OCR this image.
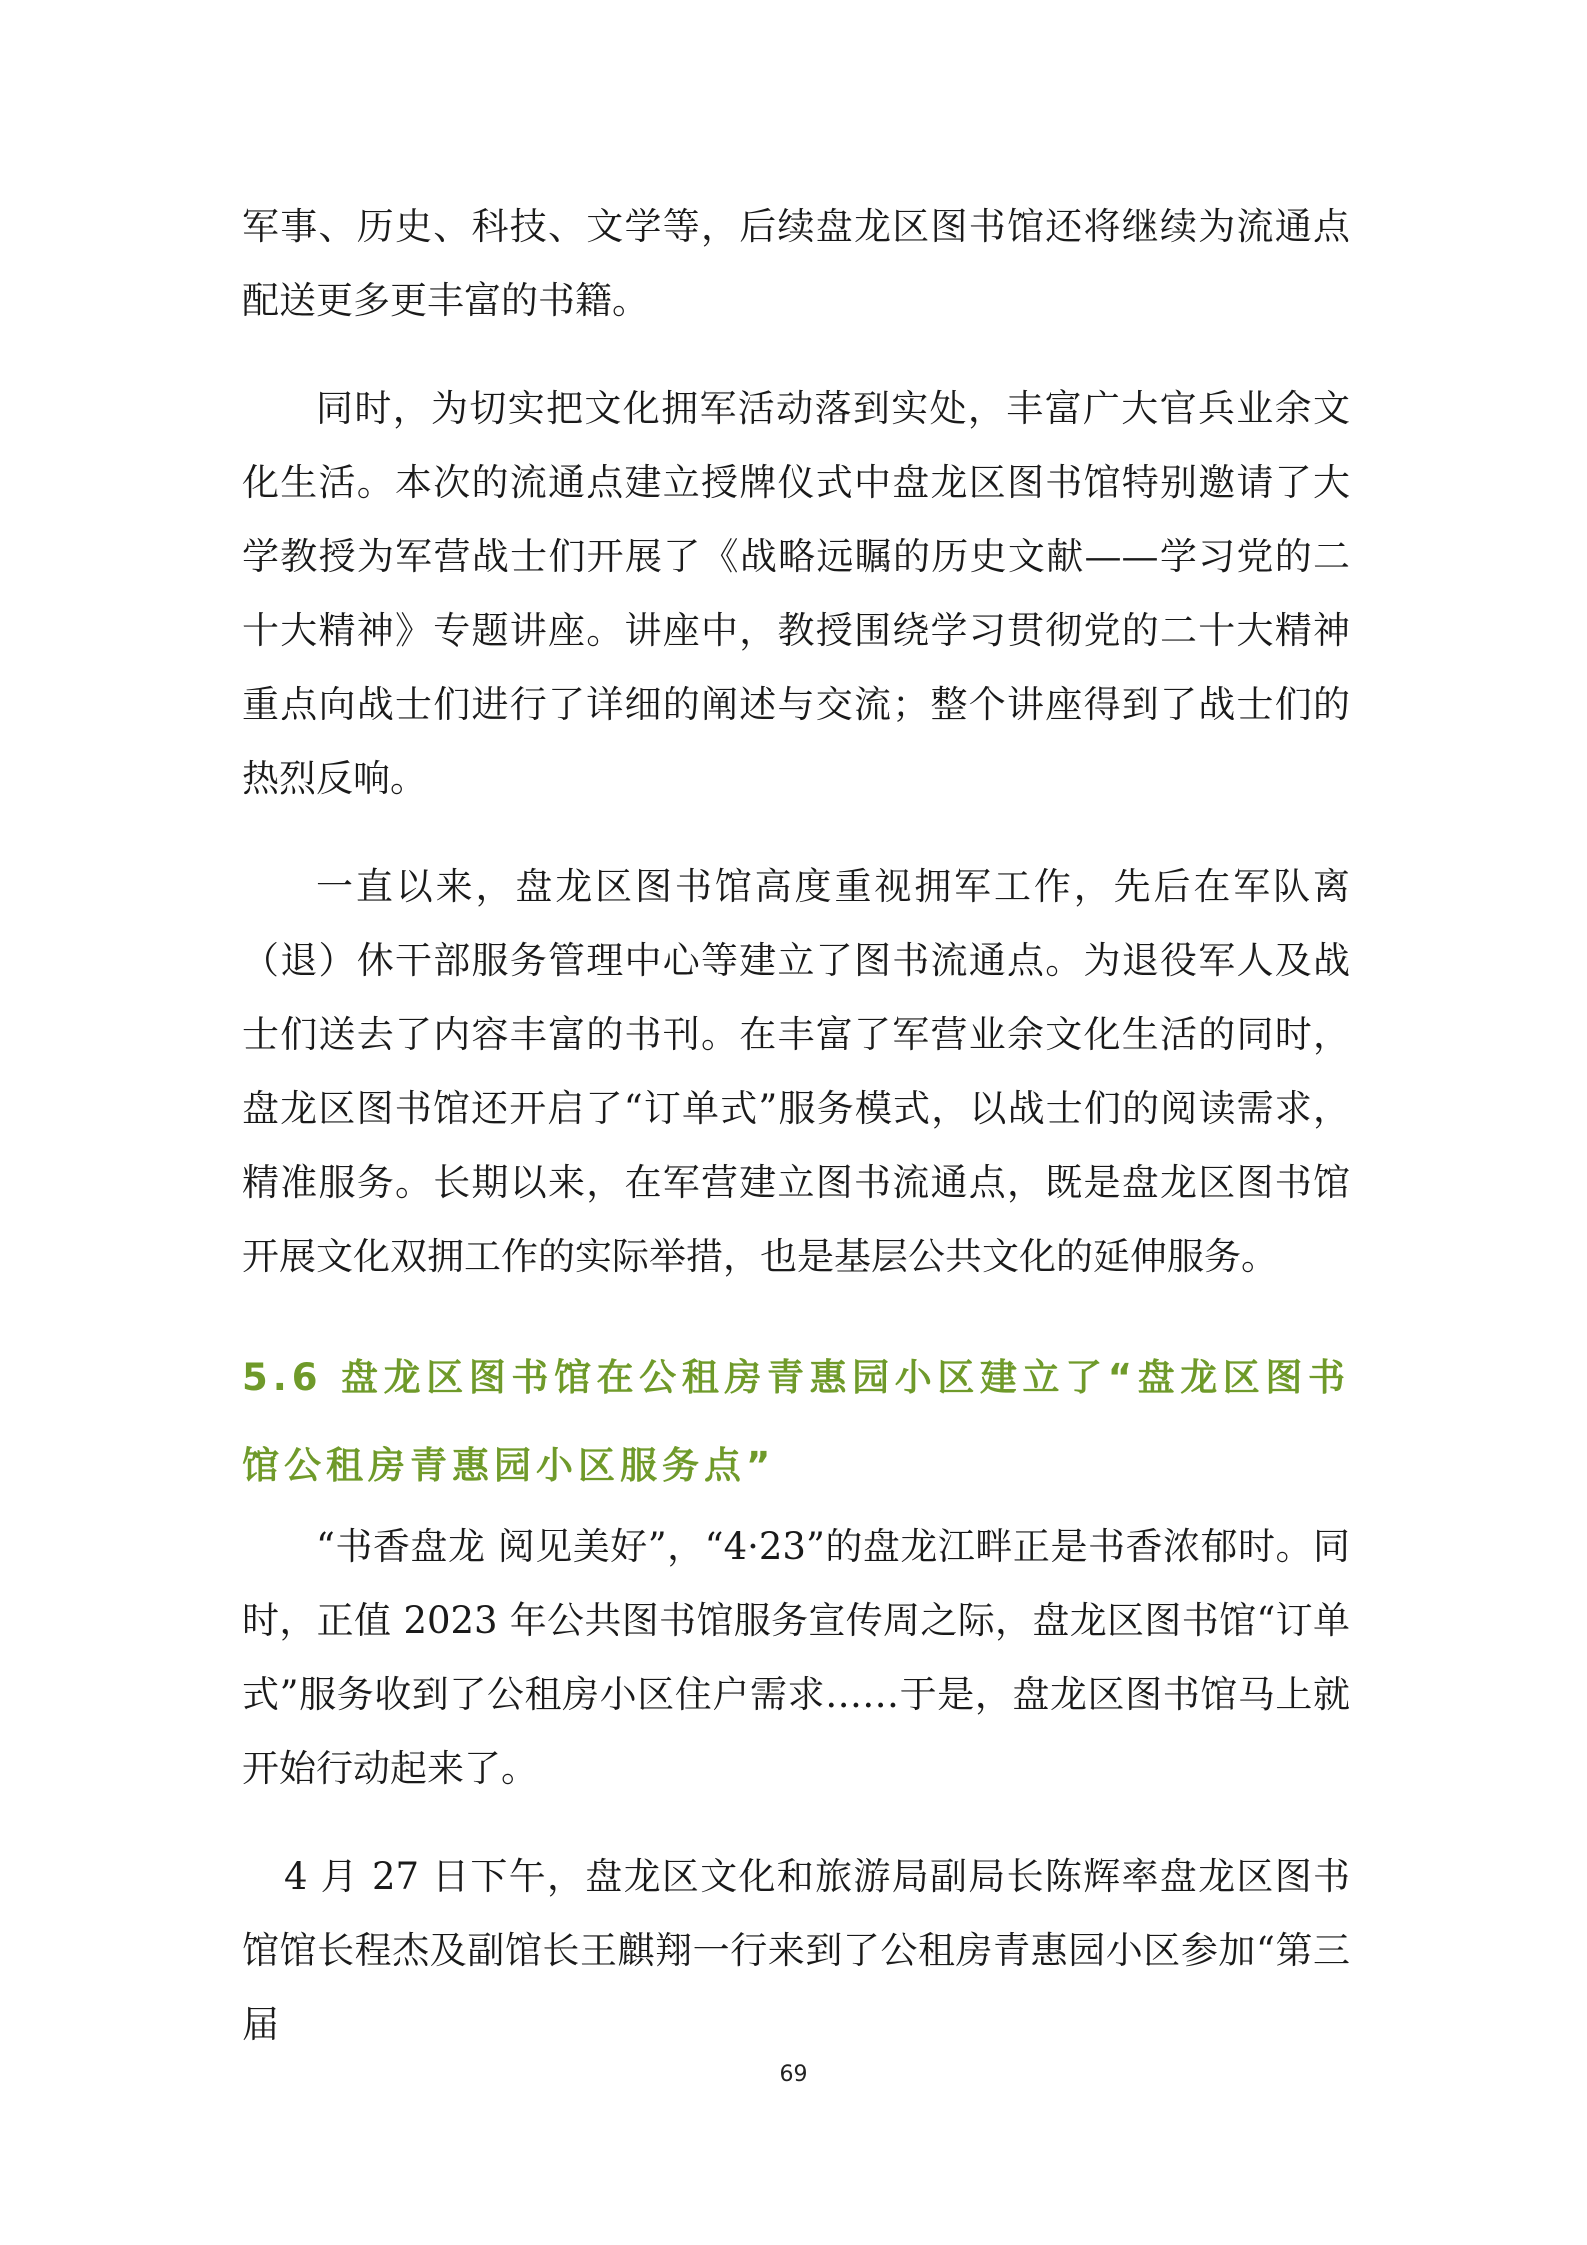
军事、历史、科技、文学等，后续盘龙区图书馆还将继续为流通点配送更多更丰富的书籍。

同时，为切实把文化拥军活动落到实处，丰富广大官兵业余文化生活。本次的流通点建立授牌仪式中盘龙区图书馆特别邀请了大学教授为军营战士们开展了《战略远瞩的历史文献——学习党的二十大精神》专题讲座。讲座中，教授围绕学习贯彻党的二十大精神重点向战士们进行了详细的阐述与交流；整个讲座得到了战士们的热烈反响。

一直以来，盘龙区图书馆高度重视拥军工作，先后在军队离（退）休干部服务管理中心等建立了图书流通点。为退役军人及战士们送去了内容丰富的书刊。在丰富了军营业余文化生活的同时，盘龙区图书馆还开启了“订单式”服务模式，以战士们的阅读需求，精准服务。长期以来，在军营建立图书流通点，既是盘龙区图书馆开展文化双拥工作的实际举措，也是基层公共文化的延伸服务。

5.6 盘龙区图书馆在公租房青惠园小区建立了“盘龙区图书馆公租房青惠园小区服务点”

“书香盘龙 阅见美好”，“4·23”的盘龙江畔正是书香浓郁时。同时，正值 2023 年公共图书馆服务宣传周之际，盘龙区图书馆“订单式”服务收到了公租房小区住户需求……于是，盘龙区图书馆马上就开始行动起来了。

4 月 27 日下午，盘龙区文化和旅游局副局长陈辉率盘龙区图书馆馆长程杰及副馆长王麒翔一行来到了公租房青惠园小区参加“第三届

69
